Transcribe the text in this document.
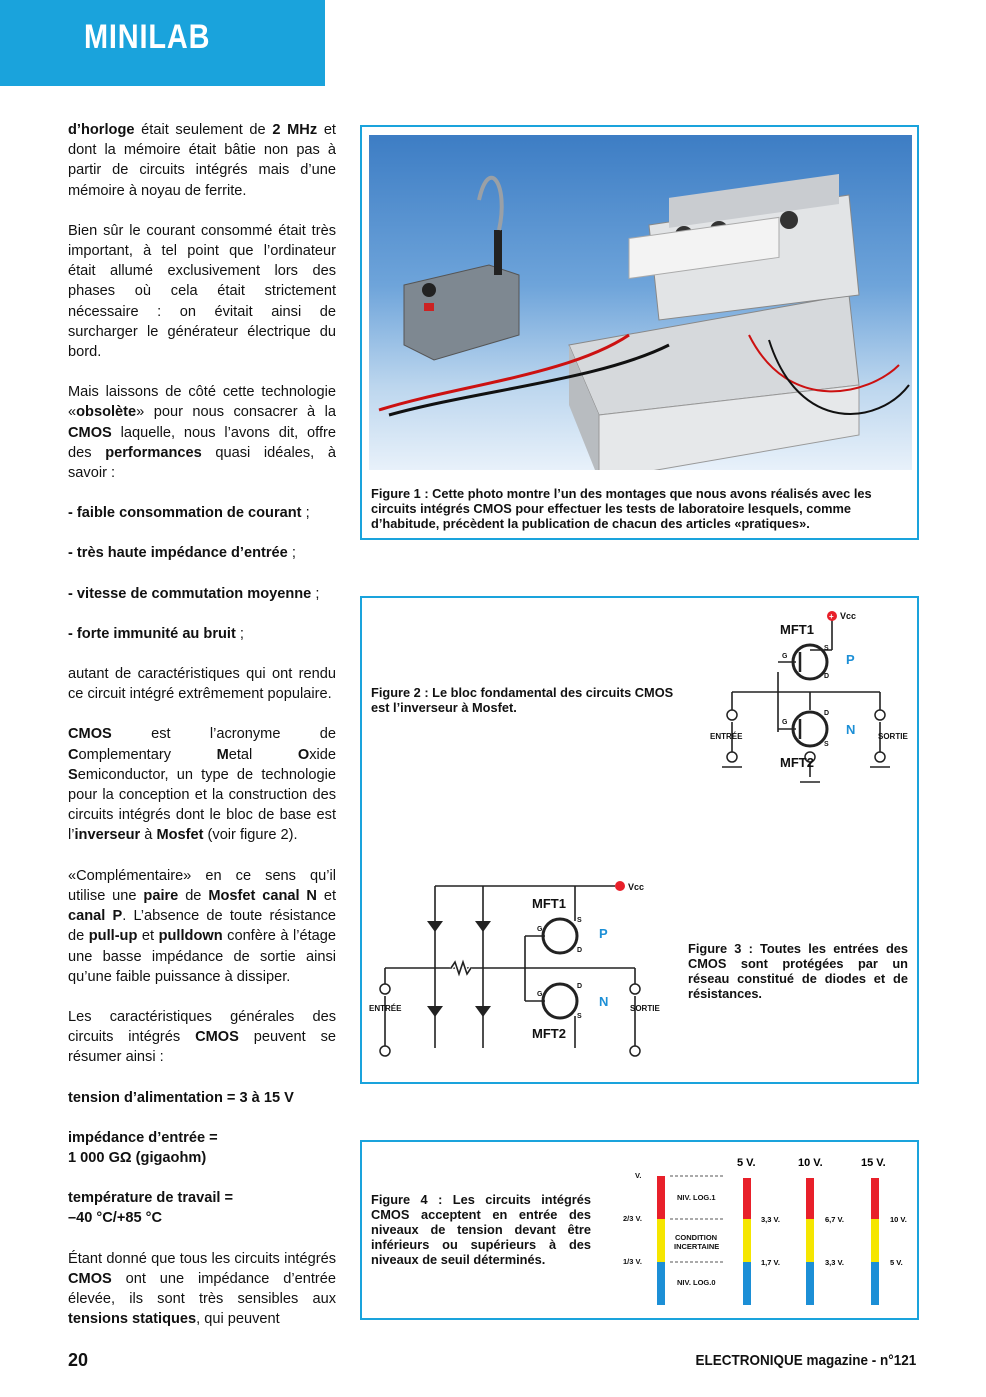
MINILAB

d’horloge était seulement de 2 MHz et dont la mémoire était bâtie non pas à partir de circuits intégrés mais d’une mémoire à noyau de ferrite.

Bien sûr le courant consommé était très important, à tel point que l’ordinateur était allumé exclusivement lors des phases où cela était strictement nécessaire : on évitait ainsi de surcharger le générateur électrique du bord.

Mais laissons de côté cette technologie «obsolète» pour nous consacrer à la CMOS laquelle, nous l’avons dit, offre des performances quasi idéales, à savoir :

- faible consommation de courant ;

- très haute impédance d’entrée ;

- vitesse de commutation moyenne ;

- forte immunité au bruit ;

autant de caractéristiques qui ont rendu ce circuit intégré extrêmement populaire.

CMOS est l’acronyme de Complementary Metal Oxide Semiconductor, un type de technologie pour la conception et la construction des circuits intégrés dont le bloc de base est l’inverseur à Mosfet (voir figure 2).

«Complémentaire» en ce sens qu’il utilise une paire de Mosfet canal N et canal P. L’absence de toute résistance de pull-up et pulldown confère à l’étage une basse impédance de sortie ainsi qu’une faible puissance à dissiper.

Les caractéristiques générales des circuits intégrés CMOS peuvent se résumer ainsi :

tension d’alimentation = 3 à 15 V

impédance d’entrée =
1 000 GΩ (gigaohm)

température de travail =
–40 °C/+85 °C

Étant donné que tous les circuits intégrés CMOS ont une impédance d’entrée élevée, ils sont très sensibles aux tensions statiques, qui peuvent

Figure 1 : Cette photo montre l’un des montages que nous avons réalisés avec les circuits intégrés CMOS pour effectuer les tests de laboratoire lesquels, comme d’habitude, précèdent la publication de chacun des articles «pratiques».
Figure 2 : Le bloc fondamental des circuits CMOS est l’inverseur à Mosfet.
+ Vcc
MFT1
MFT2
ENTRÉE	SORTIE
P
N
G
G
S
D
D
S
Vcc
MFT1
MFT2
ENTRÉE	SORTIE
P
N
G
G
S
D
D
S
Figure 3 : Toutes les entrées des CMOS sont protégées par un réseau constitué de diodes et de résistances.
Figure 4 : Les circuits intégrés CMOS acceptent en entrée des niveaux de tension devant être inférieurs ou supérieurs à des niveaux de seuil déterminés.
V.
2/3 V.
1/3 V.
NIV. LOG.1
CONDITION
INCERTAINE
NIV. LOG.0
5 V.
3,3 V.
1,7 V.
10 V.
6,7 V.
3,3 V.
15 V.
10 V.
5 V.
20	ELECTRONIQUE magazine - n°121
